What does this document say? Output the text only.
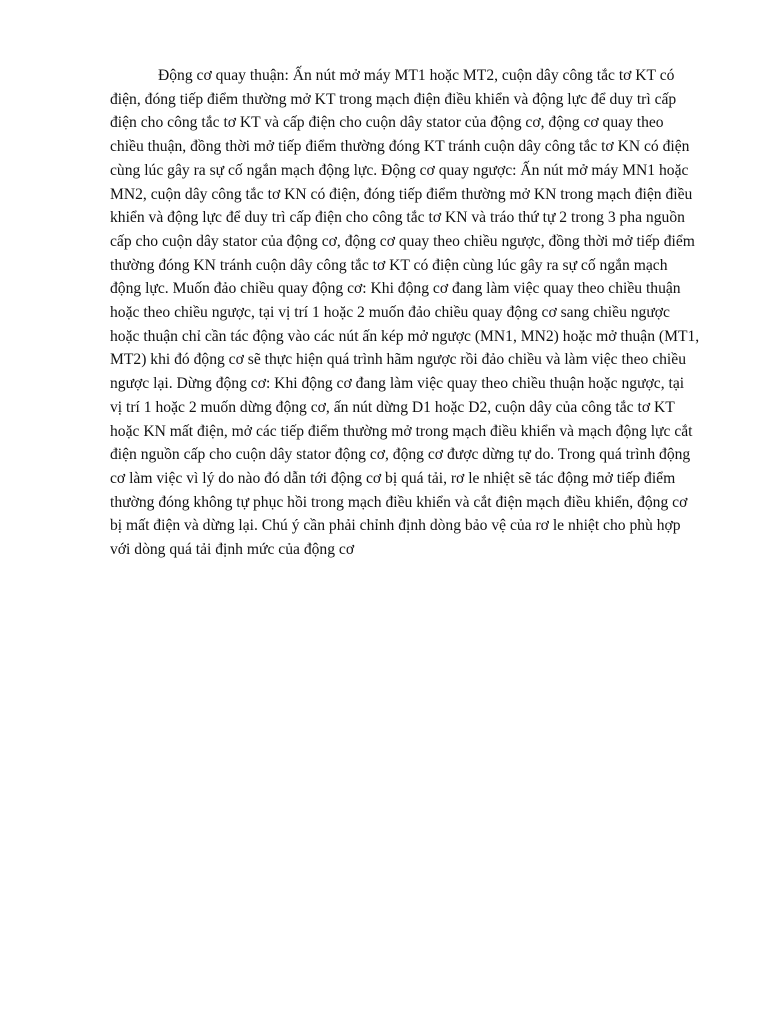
Động cơ quay thuận: Ấn nút mở máy MT1 hoặc MT2, cuộn dây công tắc tơ KT có điện, đóng tiếp điểm thường mở KT trong mạch điện điều khiển và động lực để duy trì cấp điện cho công tắc tơ KT và cấp điện cho cuộn dây stator của động cơ, động cơ quay theo chiều thuận, đồng thời mở tiếp điểm thường đóng KT tránh cuộn dây công tắc tơ KN có điện cùng lúc gây ra sự cố ngắn mạch động lực. Động cơ quay ngược: Ấn nút mở máy MN1 hoặc MN2, cuộn dây công tắc tơ KN có điện, đóng tiếp điểm thường mở KN trong mạch điện điều khiển và động lực để duy trì cấp điện cho công tắc tơ KN và tráo thứ tự 2 trong 3 pha nguồn cấp cho cuộn dây stator của động cơ, động cơ quay theo chiều ngược, đồng thời mở tiếp điểm thường đóng KN tránh cuộn dây công tắc tơ KT có điện cùng lúc gây ra sự cố ngắn mạch động lực. Muốn đảo chiều quay động cơ: Khi động cơ đang làm việc quay theo chiều thuận hoặc theo chiều ngược, tại vị trí 1 hoặc 2 muốn đảo chiều quay động cơ sang chiều ngược hoặc thuận chỉ cần tác động vào các nút ấn kép mở ngược (MN1, MN2) hoặc mở thuận (MT1, MT2) khi đó động cơ sẽ thực hiện quá trình hãm ngược rồi đảo chiều và làm việc theo chiều ngược lại. Dừng động cơ: Khi động cơ đang làm việc quay theo chiều thuận hoặc ngược, tại vị trí 1 hoặc 2 muốn dừng động cơ, ấn nút dừng D1 hoặc D2, cuộn dây của công tắc tơ KT hoặc KN mất điện, mở các tiếp điểm thường mở trong mạch điều khiển và mạch động lực cắt điện nguồn cấp cho cuộn dây stator động cơ, động cơ được dừng tự do. Trong quá trình động cơ làm việc vì lý do nào đó dẫn tới động cơ bị quá tải, rơ le nhiệt sẽ tác động mở tiếp điểm thường đóng không tự phục hồi trong mạch điều khiển và cắt điện mạch điều khiển, động cơ bị mất điện và dừng lại. Chú ý cần phải chỉnh định dòng bảo vệ của rơ le nhiệt cho phù hợp với dòng quá tải định mức của động cơ
